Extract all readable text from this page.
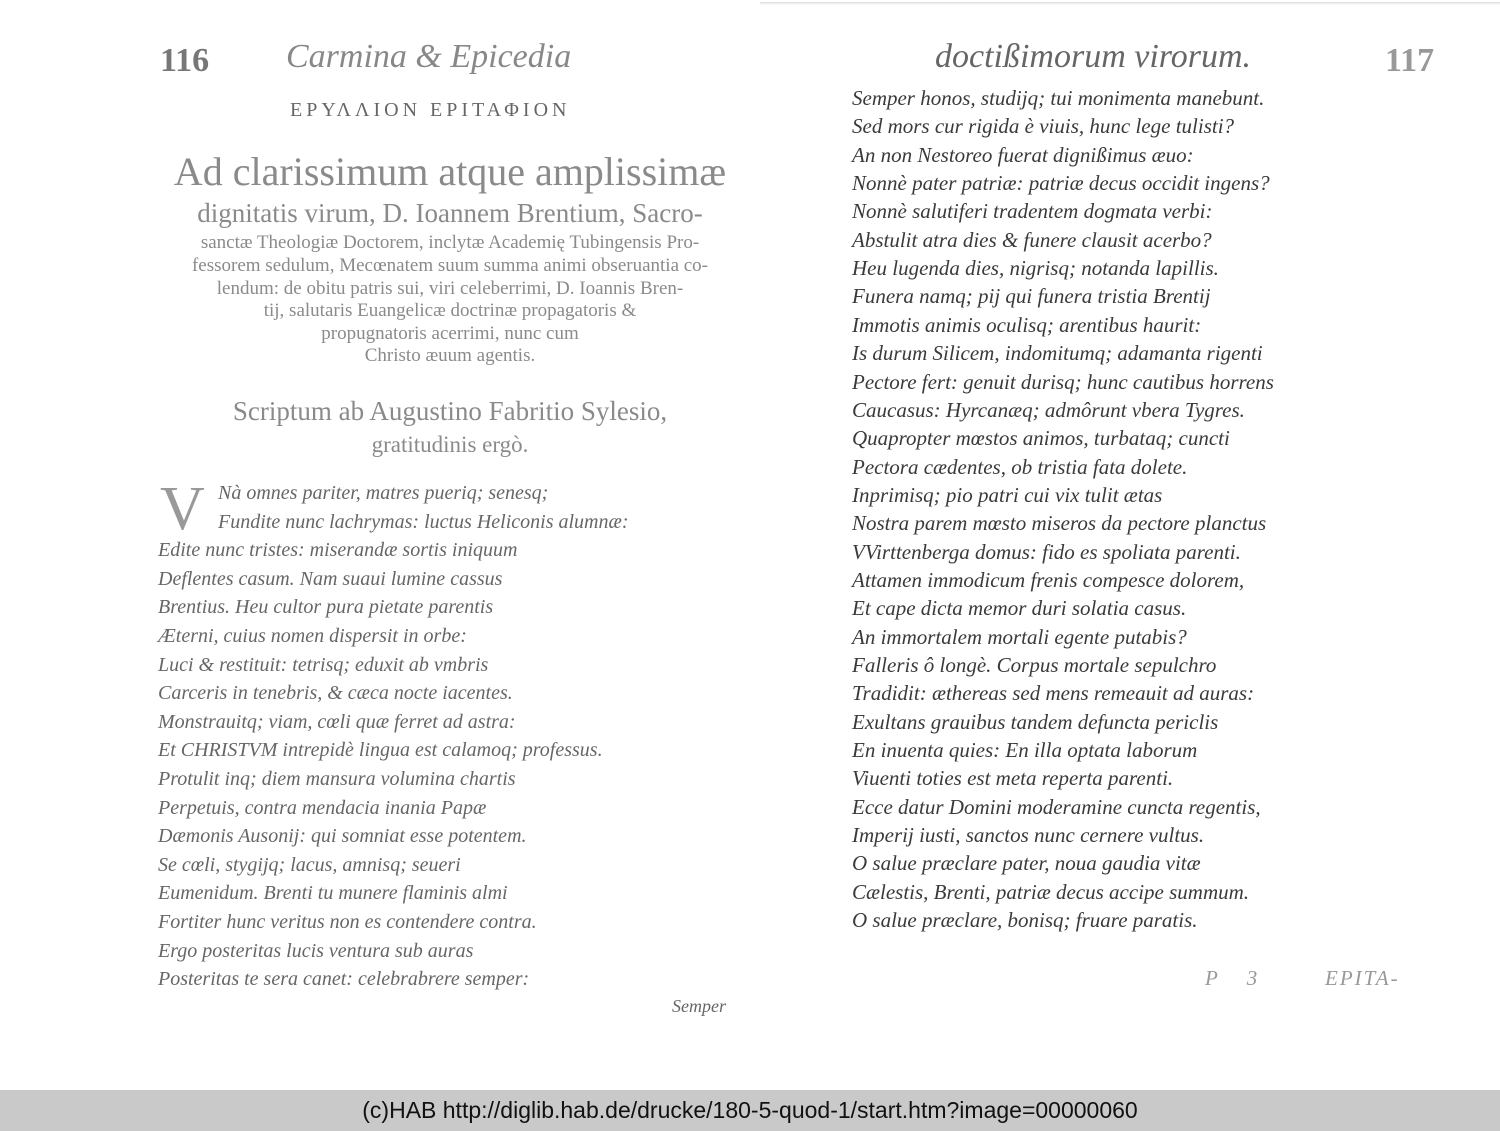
116 Carmina & Epicedia
ΕΡΥΛΛΙΟΝ ΕΡΙΤΑΦΙΟΝ
Ad clarissimum atque amplissimæ
dignitatis virum, D. Ioannem Brentium, Sacro-
sanctæ Theologiæ Doctorem, inclytæ Academię Tubingensis Pro-
fessorem sedulum, Mecœnatem suum summa animi obseruantia co-
lendum: de obitu patris sui, viri celeberrimi, D. Ioannis Bren-
tij, salutaris Euangelicæ doctrinæ propagatoris &
propugnatoris acerrimi, nunc cum
Christo æuum agentis.
Scriptum ab Augustino Fabritio Sylesio,
gratitudinis ergò.
V Nà omnes pariter, matres pueriq; senesq;
Fundite nunc lachrymas: luctus Heliconis alumnæ:
Edite nunc tristes: miserandæ sortis iniquum
Deflentes casum. Nam suaui lumine cassus
Brentius. Heu cultor pura pietate parentis
Æterni, cuius nomen dispersit in orbe:
Luci & restituit: tetrisq; eduxit ab vmbris
Carceris in tenebris, & cæca nocte iacentes.
Monstrauitq; viam, cœli quæ ferret ad astra:
Et CHRISTVM intrepidè lingua est calamoq; professus.
Protulit inq; diem mansura volumina chartis
Perpetuis, contra mendacia inania Papæ
Dæmonis Ausonij: qui somniat esse potentem.
Se cœli, stygijq; lacus, amnisq; seueri
Eumenidum. Brenti tu munere flaminis almi
Fortiter hunc veritus non es contendere contra.
Ergo posteritas lucis ventura sub auras
Posteritas te sera canet: celebrabrere semper:
Semper
doctißimorum virorum.	117
Semper honos, studijq; tui monimenta manebunt.
Sed mors cur rigida è viuis, hunc lege tulisti?
An non Nestoreo fuerat dignißimus æuo:
Nonnè pater patriæ: patriæ decus occidit ingens?
Nonnè salutiferi tradentem dogmata verbi:
Abstulit atra dies & funere clausit acerbo?
Heu lugenda dies, nigrisq; notanda lapillis.
Funera namq; pij qui funera tristia Brentij
Immotis animis oculisq; arentibus haurit:
Is durum Silicem, indomitumq; adamanta rigenti
Pectore fert: genuit durisq; hunc cautibus horrens
Caucasus: Hyrcanæq; admôrunt vbera Tygres.
Quapropter mœstos animos, turbataq; cuncti
Pectora cædentes, ob tristia fata dolete.
Inprimisq; pio patri cui vix tulit ætas
Nostra parem mœsto miseros da pectore planctus
VVirttenberga domus: fido es spoliata parenti.
Attamen immodicum frenis compesce dolorem,
Et cape dicta memor duri solatia casus.
An immortalem mortali egente putabis?
Falleris ô longè. Corpus mortale sepulchro
Tradidit: æthereas sed mens remeauit ad auras:
Exultans grauibus tandem defuncta periclis
En inuenta quies: En illa optata laborum
Viuenti toties est meta reperta parenti.
Ecce datur Domini moderamine cuncta regentis,
Imperij iusti, sanctos nunc cernere vultus.
O salue præclare pater, noua gaudia vitæ
Cælestis, Brenti, patriæ decus accipe summum.
O salue præclare, bonisq; fruare paratis.
P 3	EPITA-
(c)HAB http://diglib.hab.de/drucke/180-5-quod-1/start.htm?image=00000060
